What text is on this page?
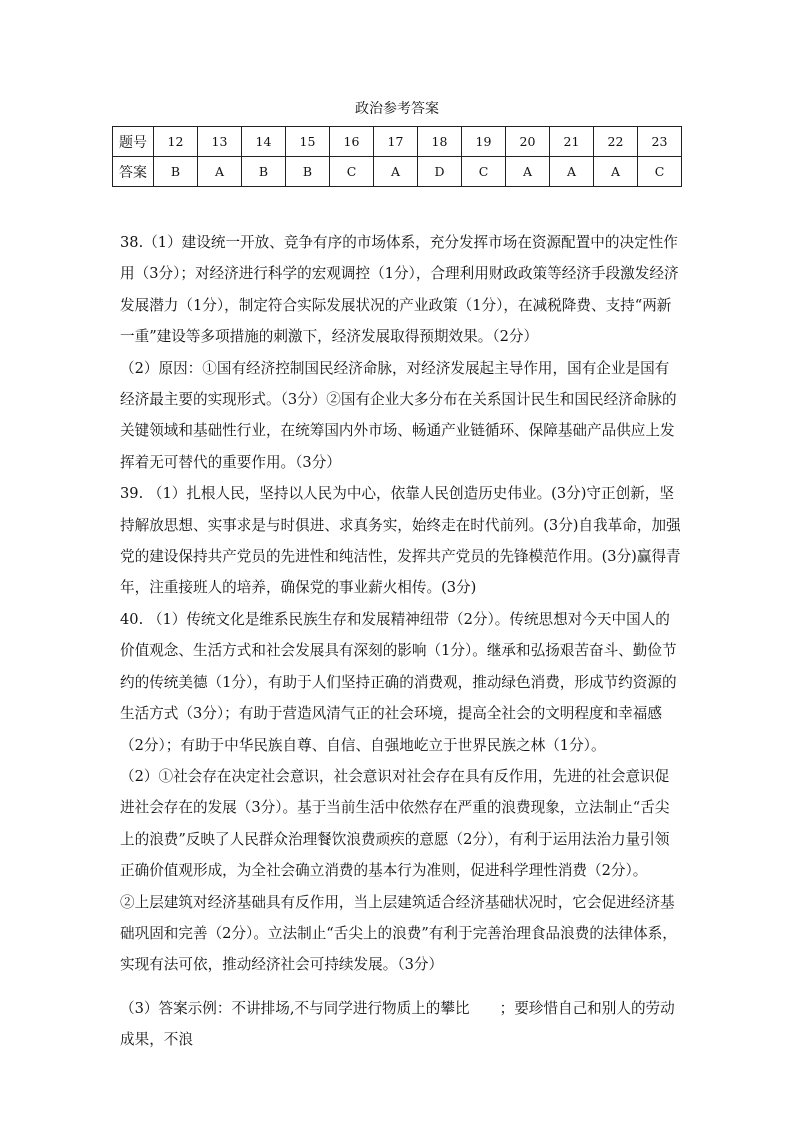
政治参考答案
题号	12	13	14	15	16	17	18	19	20	21	22	23
答案	B	A	B	B	C	A	D	C	A	A	A	C

38.（1）建设统一开放、竞争有序的市场体系，充分发挥市场在资源配置中的决定性作用（3分）；对经济进行科学的宏观调控（1分），合理利用财政政策等经济手段激发经济发展潜力（1分），制定符合实际发展状况的产业政策（1分），在减税降费、支持“两新一重”建设等多项措施的刺激下，经济发展取得预期效果。（2分）

（2）原因：①国有经济控制国民经济命脉，对经济发展起主导作用，国有企业是国有经济最主要的实现形式。（3分）②国有企业大多分布在关系国计民生和国民经济命脉的关键领域和基础性行业，在统筹国内外市场、畅通产业链循环、保障基础产品供应上发挥着无可替代的重要作用。（3分）

39. （1）扎根人民，坚持以人民为中心，依靠人民创造历史伟业。(3分)守正创新，坚持解放思想、实事求是与时俱进、求真务实，始终走在时代前列。(3分)自我革命，加强党的建设保持共产党员的先进性和纯洁性，发挥共产党员的先锋模范作用。(3分)赢得青年，注重接班人的培养，确保党的事业薪火相传。(3分)

40. （1）传统文化是维系民族生存和发展精神纽带（2分）。传统思想对今天中国人的价值观念、生活方式和社会发展具有深刻的影响（1分）。继承和弘扬艰苦奋斗、勤俭节约的传统美德（1分），有助于人们坚持正确的消费观，推动绿色消费，形成节约资源的生活方式（3分）；有助于营造风清气正的社会环境，提高全社会的文明程度和幸福感（2分）；有助于中华民族自尊、自信、自强地屹立于世界民族之林（1分）。

（2）①社会存在决定社会意识，社会意识对社会存在具有反作用，先进的社会意识促进社会存在的发展（3分）。基于当前生活中依然存在严重的浪费现象，立法制止“舌尖上的浪费”反映了人民群众治理餐饮浪费顽疾的意愿（2分），有利于运用法治力量引领正确价值观形成，为全社会确立消费的基本行为准则，促进科学理性消费（2分）。

②上层建筑对经济基础具有反作用，当上层建筑适合经济基础状况时，它会促进经济基础巩固和完善（2分）。立法制止“舌尖上的浪费”有利于完善治理食品浪费的法律体系，实现有法可依，推动经济社会可持续发展。（3分）

（3）答案示例：不讲排场,不与同学进行物质上的攀比 ；要珍惜自己和别人的劳动成果，不浪
